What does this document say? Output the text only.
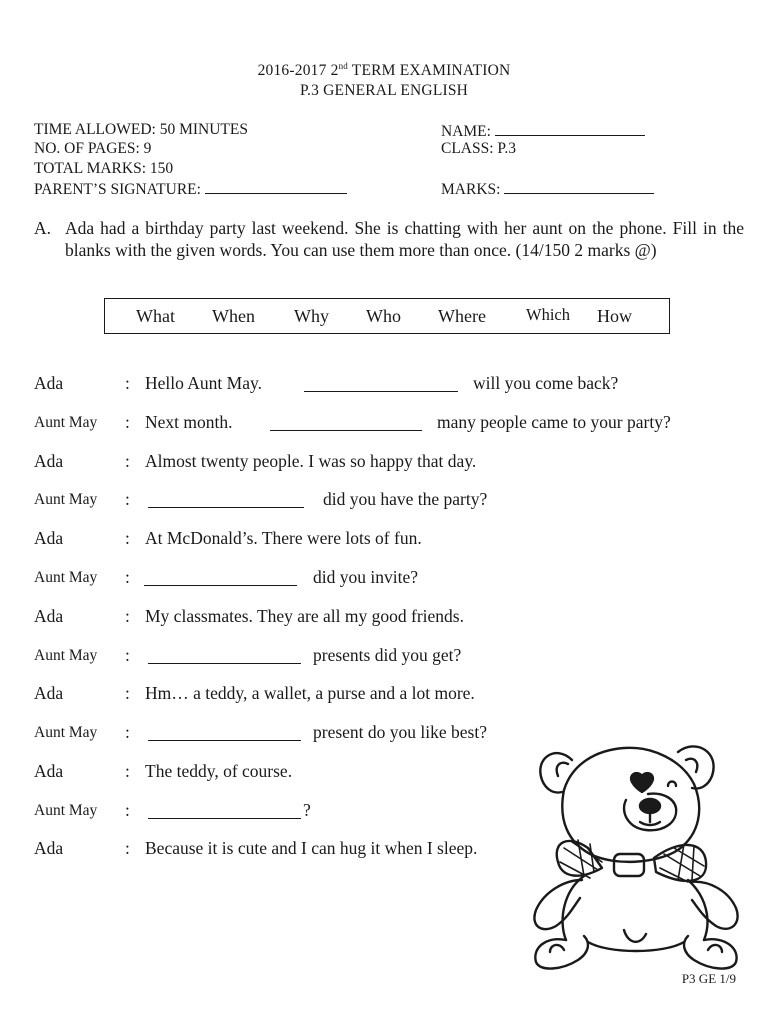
2016-2017 2nd TERM EXAMINATION
P.3 GENERAL ENGLISH
TIME ALLOWED: 50 MINUTES
NO. OF PAGES: 9
TOTAL MARKS: 150
PARENT’S SIGNATURE:
NAME:
CLASS: P.3
MARKS:
A. Ada had a birthday party last weekend. She is chatting with her aunt on the phone. Fill in the blanks with the given words. You can use them more than once. (14/150 2 marks @)
What When Why Who Where Which How
Ada	: Hello Aunt May.	will you come back?
Aunt May : Next month.	many people came to your party?
Ada	: Almost twenty people. I was so happy that day.
Aunt May :	did you have the party?
Ada	: At McDonald’s. There were lots of fun.
Aunt May :	did you invite?
Ada	: My classmates. They are all my good friends.
Aunt May :	presents did you get?
Ada	: Hm… a teddy, a wallet, a purse and a lot more.
Aunt May :	present do you like best?
Ada	: The teddy, of course.
Aunt May :	?
Ada	: Because it is cute and I can hug it when I sleep.
P3 GE 1/9
